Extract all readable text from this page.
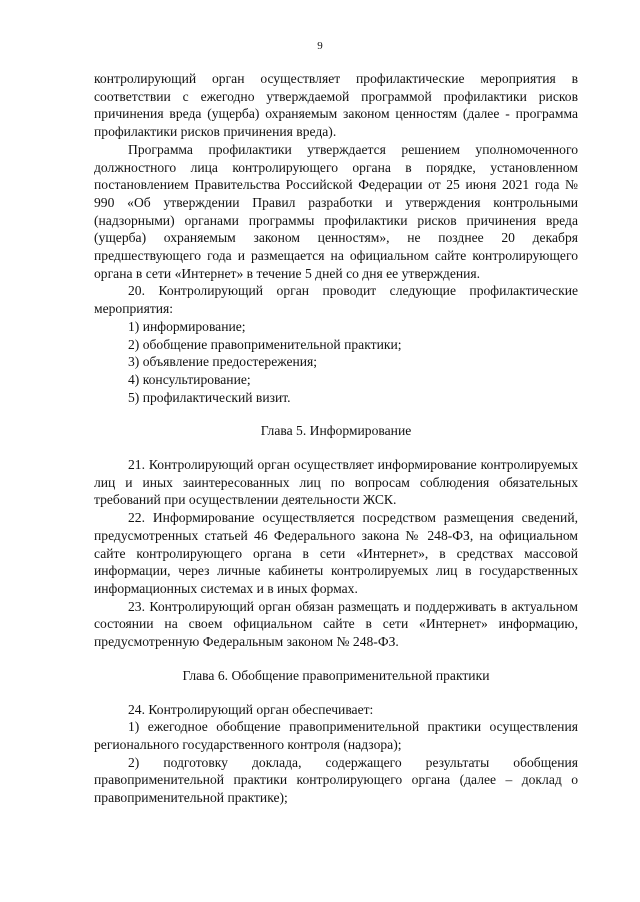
9

контролирующий орган осуществляет профилактические мероприятия в соответствии с ежегодно утверждаемой программой профилактики рисков причинения вреда (ущерба) охраняемым законом ценностям (далее - программа профилактики рисков причинения вреда).

Программа профилактики утверждается решением уполномоченного должностного лица контролирующего органа в порядке, установленном постановлением Правительства Российской Федерации от 25 июня 2021 года № 990 «Об утверждении Правил разработки и утверждения контрольными (надзорными) органами программы профилактики рисков причинения вреда (ущерба) охраняемым законом ценностям», не позднее 20 декабря предшествующего года и размещается на официальном сайте контролирующего органа в сети «Интернет» в течение 5 дней со дня ее утверждения.

20. Контролирующий орган проводит следующие профилактические мероприятия:

1) информирование;

2) обобщение правоприменительной практики;

3) объявление предостережения;

4) консультирование;

5) профилактический визит.

Глава 5. Информирование

21. Контролирующий орган осуществляет информирование контролируемых лиц и иных заинтересованных лиц по вопросам соблюдения обязательных требований при осуществлении деятельности ЖСК.

22. Информирование осуществляется посредством размещения сведений, предусмотренных статьей 46 Федерального закона № 248-ФЗ, на официальном сайте контролирующего органа в сети «Интернет», в средствах массовой информации, через личные кабинеты контролируемых лиц в государственных информационных системах и в иных формах.

23. Контролирующий орган обязан размещать и поддерживать в актуальном состоянии на своем официальном сайте в сети «Интернет» информацию, предусмотренную Федеральным законом № 248-ФЗ.

Глава 6. Обобщение правоприменительной практики

24. Контролирующий орган обеспечивает:

1) ежегодное обобщение правоприменительной практики осуществления регионального государственного контроля (надзора);

2) подготовку доклада, содержащего результаты обобщения правоприменительной практики контролирующего органа (далее – доклад о правоприменительной практике);
